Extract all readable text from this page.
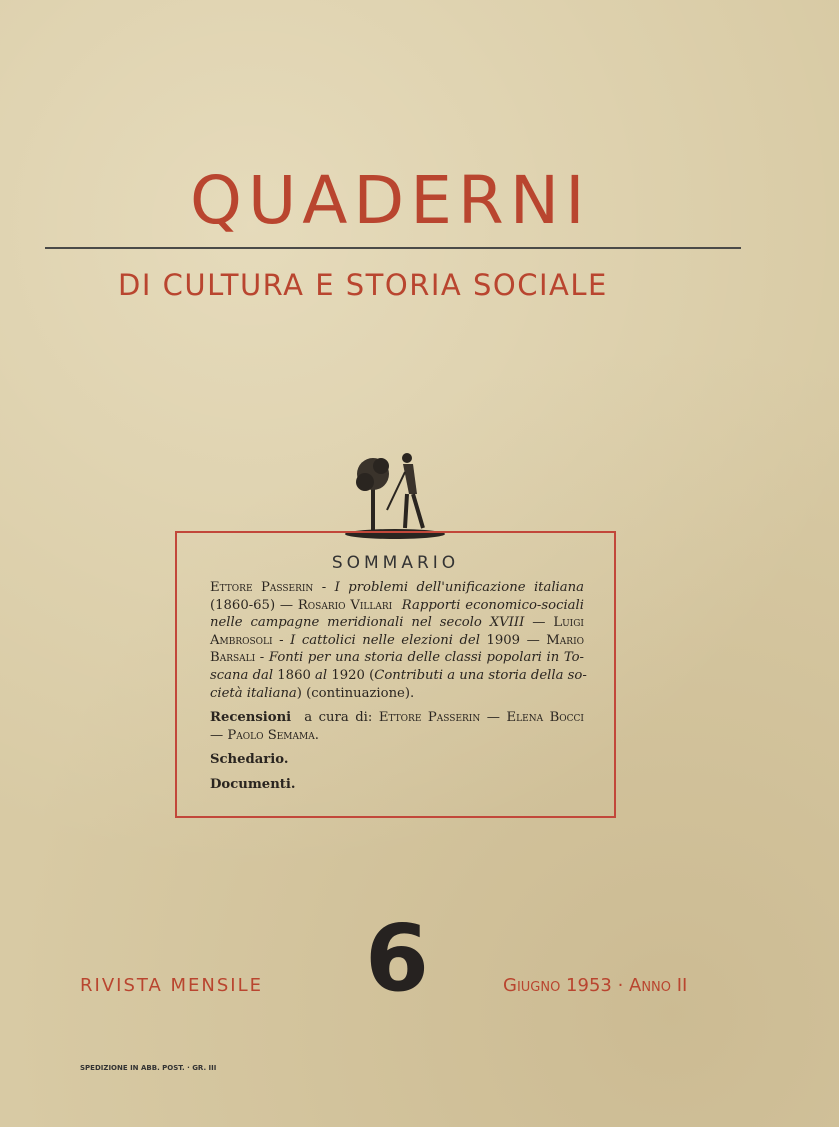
QUADERNI
DI CULTURA E STORIA SOCIALE
SOMMARIO
Ettore Passerin - I problemi dell'unificazione italiana
(1860-65) — Rosario Villari  Rapporti economico-sociali
nelle campagne meridionali nel secolo XVIII — Luigi
Ambrosoli - I cattolici nelle elezioni del 1909 — Mario
Barsali - Fonti per una storia delle classi popolari in To-
scana dal 1860 al 1920 (Contributi a una storia della so-
cietà italiana) (continuazione).
Recensioni  a cura di: Ettore Passerin — Elena Bocci
— Paolo Semama.
Schedario.
Documenti.
RIVISTA MENSILE 6	Giugno 1953 · Anno II
SPEDIZIONE IN ABB. POST. · GR. III
